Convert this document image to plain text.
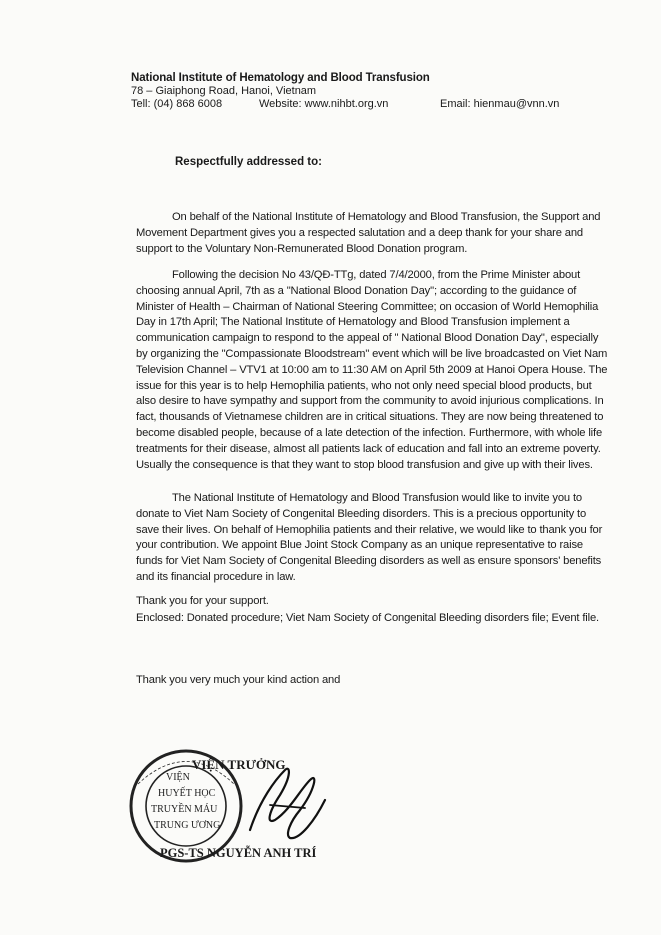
National Institute of Hematology and Blood Transfusion
78 – Giaiphong Road, Hanoi, Vietnam
Tell: (04) 868 6008	Website: www.nihbt.org.vn	Email: hienmau@vnn.vn
Respectfully addressed to:

On behalf of the National Institute of Hematology and Blood Transfusion, the Support and Movement Department gives you a respected salutation and a deep thank for your share and support to the Voluntary Non-Remunerated Blood Donation program.

Following the decision No 43/QĐ-TTg, dated 7/4/2000, from the Prime Minister about choosing annual April, 7th as a "National Blood Donation Day"; according to the guidance of Minister of Health – Chairman of National Steering Committee; on occasion of World Hemophilia Day in 17th April; The National Institute of Hematology and Blood Transfusion implement a communication campaign to respond to the appeal of " National Blood Donation Day", especially by organizing the "Compassionate Bloodstream" event which will be live broadcasted on Viet Nam Television Channel – VTV1 at 10:00 am to 11:30 AM on April 5th 2009 at Hanoi Opera House. The issue for this year is to help Hemophilia patients, who not only need special blood products, but also desire to have sympathy and support from the community to avoid injurious complications. In fact, thousands of Vietnamese children are in critical situations. They are now being threatened to become disabled people, because of a late detection of the infection. Furthermore, with whole life treatments for their disease, almost all patients lack of education and fall into an extreme poverty. Usually the consequence is that they want to stop blood transfusion and give up with their lives.

The National Institute of Hematology and Blood Transfusion would like to invite you to donate to Viet Nam Society of Congenital Bleeding disorders. This is a precious opportunity to save their lives. On behalf of Hemophilia patients and their relative, we would like to thank you for your contribution. We appoint Blue Joint Stock Company as an unique representative to raise funds for Viet Nam Society of Congenital Bleeding disorders as well as ensure sponsors' benefits and its financial procedure in law.

Thank you for your support.
Enclosed: Donated procedure; Viet Nam Society of Congenital Bleeding disorders file; Event file.
Thank you very much your kind action and
VIỆN
HUYẾT HỌC
TRUYỀN MÁU
TRUNG ƯƠNG
VIỆN TRƯỞNG
PGS-TS NGUYỄN ANH TRÍ
